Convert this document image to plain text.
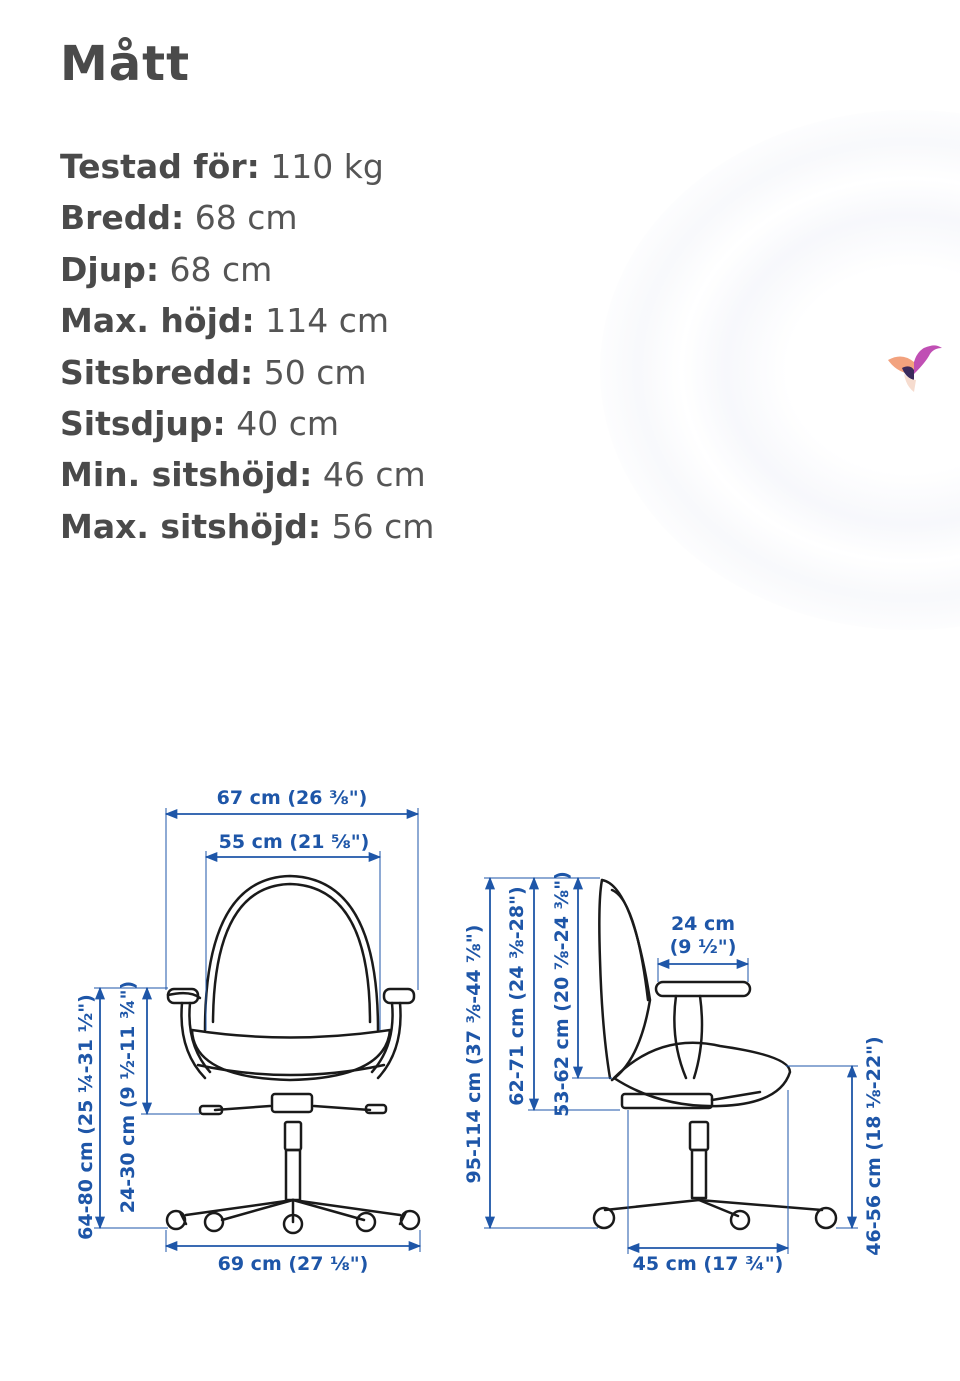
Mått
Testad för: 110 kg
Bredd: 68 cm
Djup: 68 cm
Max. höjd: 114 cm
Sitsbredd: 50 cm
Sitsdjup: 40 cm
Min. sitshöjd: 46 cm
Max. sitshöjd: 56 cm
67 cm (26 ⅜")
55 cm (21 ⅝")
64-80 cm (25 ¼-31 ½") 24-30 cm (9 ½-11 ¾")
69 cm (27 ⅛")
95-114 cm (37 ⅜-44 ⅞") 62-71 cm (24 ⅜-28") 53-62 cm (20 ⅞-24 ⅜")	24 cm
(9 ½")
46-56 cm (18 ⅛-22")
45 cm (17 ¾")
